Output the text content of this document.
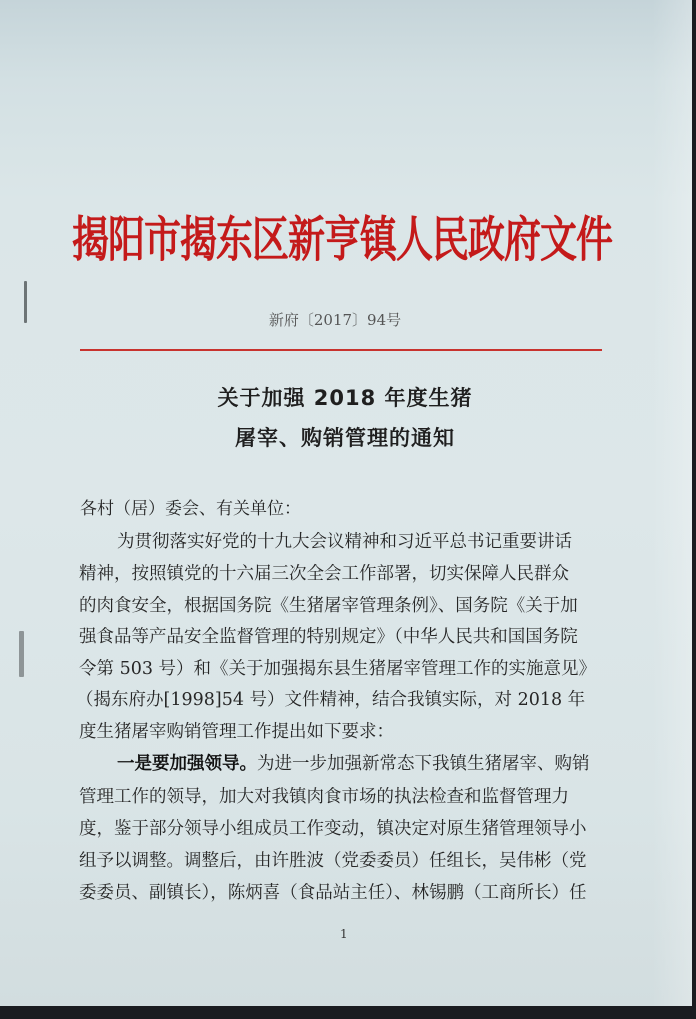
揭阳市揭东区新亨镇人民政府文件
新府〔2017〕94号
关于加强 2018 年度生猪
屠宰、购销管理的通知
各村（居）委会、有关单位：
为贯彻落实好党的十九大会议精神和习近平总书记重要讲话
精神，按照镇党的十六届三次全会工作部署，切实保障人民群众
的肉食安全，根据国务院《生猪屠宰管理条例》、国务院《关于加
强食品等产品安全监督管理的特别规定》（中华人民共和国国务院
令第 503 号）和《关于加强揭东县生猪屠宰管理工作的实施意见》
（揭东府办[1998]54 号）文件精神，结合我镇实际，对 2018 年
度生猪屠宰购销管理工作提出如下要求：
一是要加强领导。为进一步加强新常态下我镇生猪屠宰、购销
管理工作的领导，加大对我镇肉食市场的执法检查和监督管理力
度，鉴于部分领导小组成员工作变动，镇决定对原生猪管理领导小
组予以调整。调整后，由许胜波（党委委员）任组长，吴伟彬（党
委委员、副镇长），陈炳喜（食品站主任）、林锡鹏（工商所长）任
1
